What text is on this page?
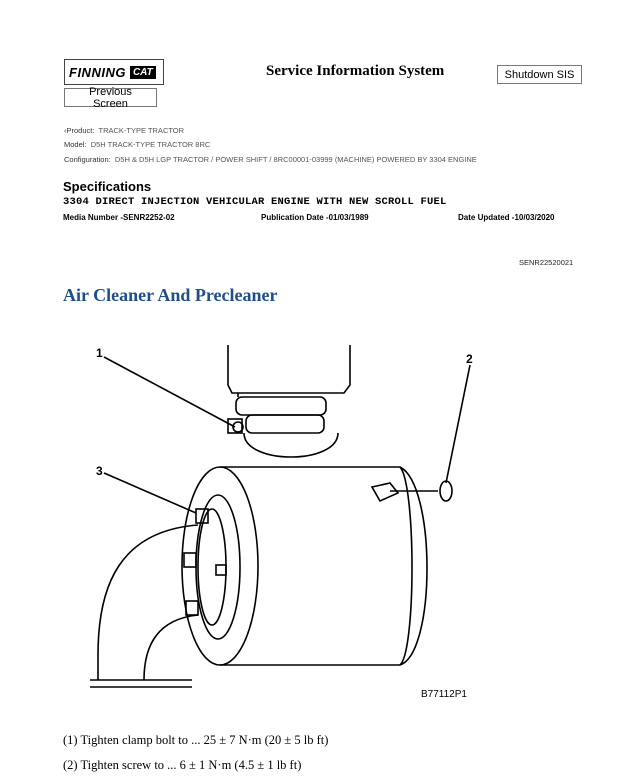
FINNING CAT	Service Information System	Shutdown SIS
Previous Screen
‹Product: TRACK-TYPE TRACTOR
Model: D5H TRACK-TYPE TRACTOR 8RC
Configuration: D5H & D5H LGP TRACTOR / POWER SHIFT / 8RC00001-03999 (MACHINE) POWERED BY 3304 ENGINE
Specifications
3304 DIRECT INJECTION VEHICULAR ENGINE WITH NEW SCROLL FUEL
Media Number -SENR2252-02	Publication Date -01/03/1989	Date Updated -10/03/2020
SENR22520021
Air Cleaner And Precleaner
1	2
3
B77112P1
(1) Tighten clamp bolt to ... 25 ± 7 N·m (20 ± 5 lb ft)
(2) Tighten screw to ... 6 ± 1 N·m (4.5 ± 1 lb ft)
